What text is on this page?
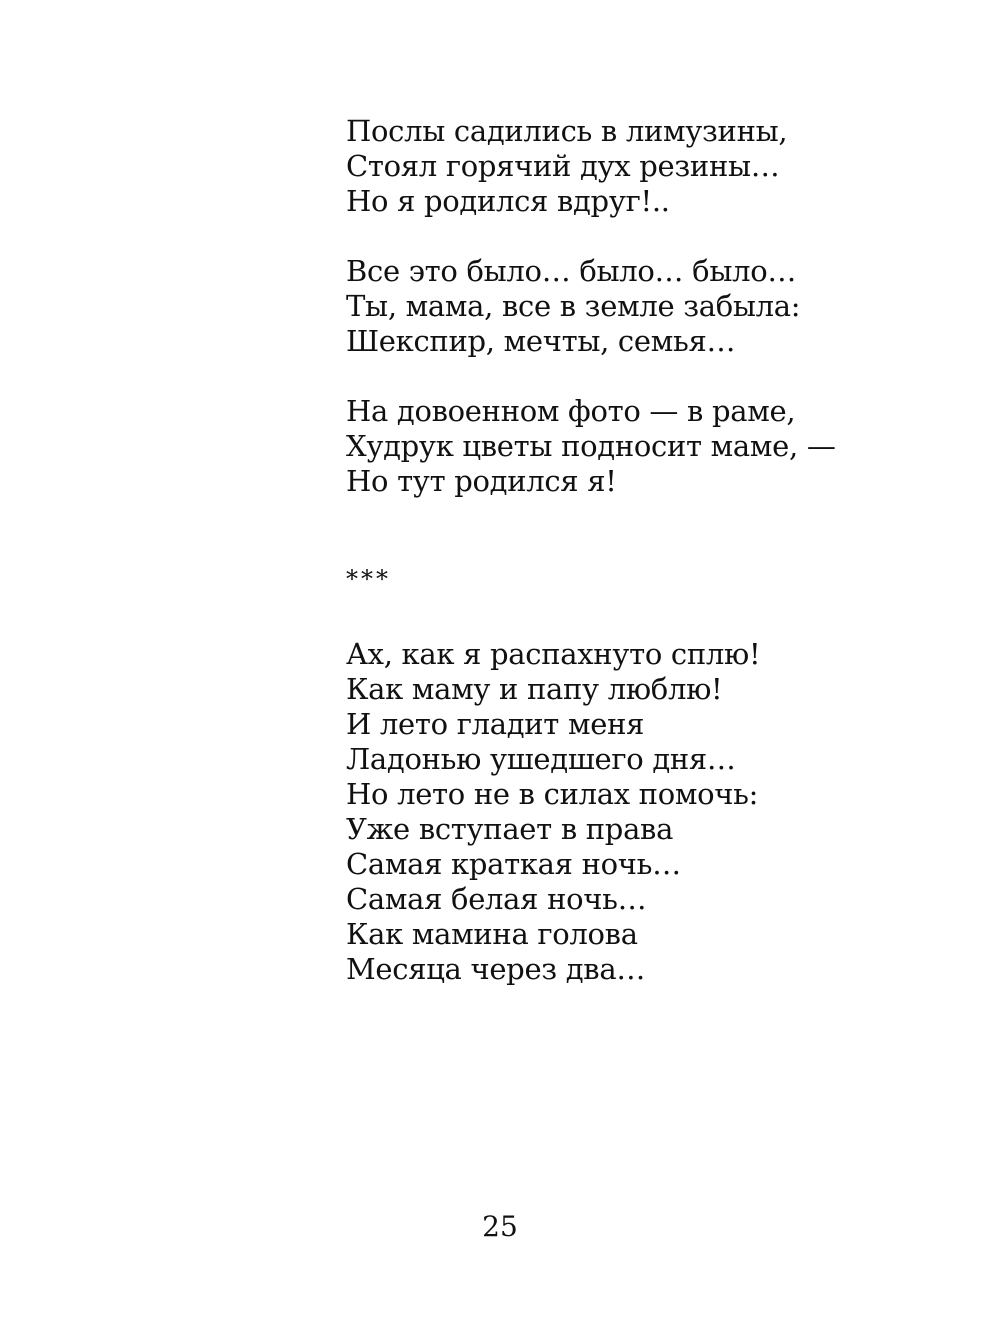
Послы садились в лимузины,
Стоял горячий дух резины…
Но я родился вдруг!..
Все это было… было… было…
Ты, мама, все в земле забыла:
Шекспир, мечты, семья…
На довоенном фото — в раме,
Худрук цветы подносит маме, —
Но тут родился я!
***
Ах, как я распахнуто сплю!
Как маму и папу люблю!
И лето гладит меня
Ладонью ушедшего дня…
Но лето не в силах помочь:
Уже вступает в права
Самая краткая ночь…
Самая белая ночь…
Как мамина голова
Месяца через два…
25
